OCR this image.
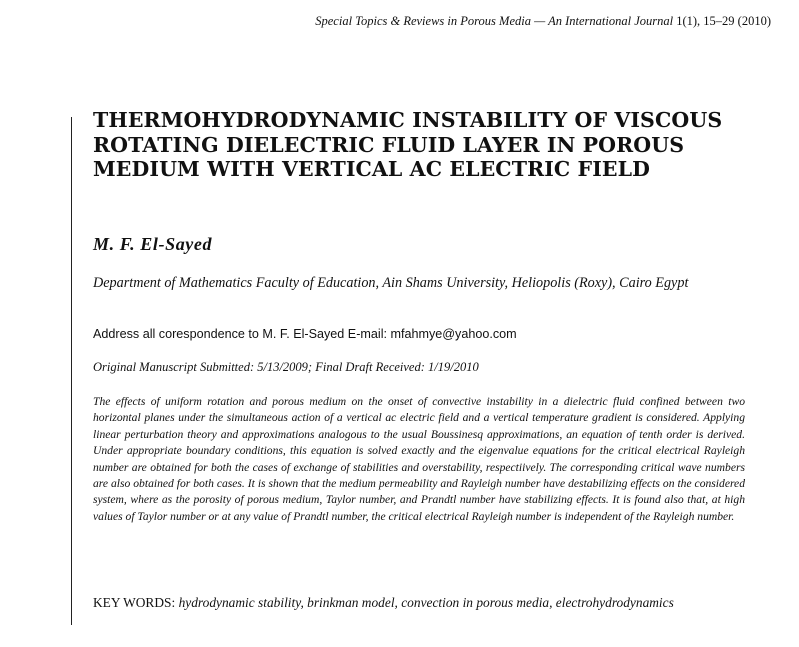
Special Topics & Reviews in Porous Media — An International Journal 1(1), 15–29 (2010)
THERMOHYDRODYNAMIC INSTABILITY OF VISCOUS ROTATING DIELECTRIC FLUID LAYER IN POROUS MEDIUM WITH VERTICAL AC ELECTRIC FIELD
M. F. El-Sayed
Department of Mathematics Faculty of Education, Ain Shams University, Heliopolis (Roxy), Cairo Egypt
Address all corespondence to M. F. El-Sayed E-mail: mfahmye@yahoo.com
Original Manuscript Submitted: 5/13/2009; Final Draft Received: 1/19/2010

The effects of uniform rotation and porous medium on the onset of convective instability in a dielectric fluid confined between two horizontal planes under the simultaneous action of a vertical ac electric field and a vertical temperature gradient is considered. Applying linear perturbation theory and approximations analogous to the usual Boussinesq approximations, an equation of tenth order is derived. Under appropriate boundary conditions, this equation is solved exactly and the eigenvalue equations for the critical electrical Rayleigh number are obtained for both the cases of exchange of stabilities and overstability, respectiively. The corresponding critical wave numbers are also obtained for both cases. It is shown that the medium permeability and Rayleigh number have destabilizing effects on the considered system, where as the porosity of porous medium, Taylor number, and Prandtl number have stabilizing effects. It is found also that, at high values of Taylor number or at any value of Prandtl number, the critical electrical Rayleigh number is independent of the Rayleigh number.

KEY WORDS: hydrodynamic stability, brinkman model, convection in porous media, electrohydrodynamics
